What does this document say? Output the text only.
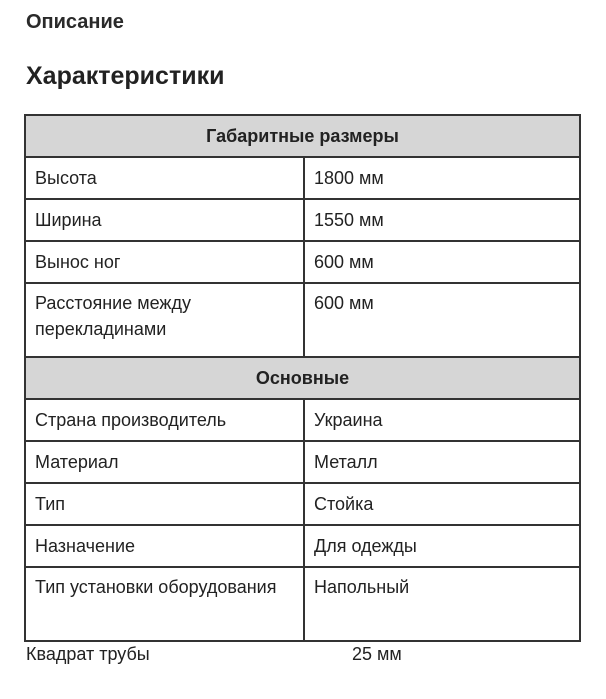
Описание
Характеристики
Габаритные размеры	
Высота	1800 мм
Ширина	1550 мм
Вынос ног	600 мм
Расстояние между перекладинами	600 мм
Основные	
Страна производитель	Украина
Материал	Металл
Тип	Стойка
Назначение	Для одежды
Тип установки оборудования	Напольный
Квадрат трубы	25 мм
